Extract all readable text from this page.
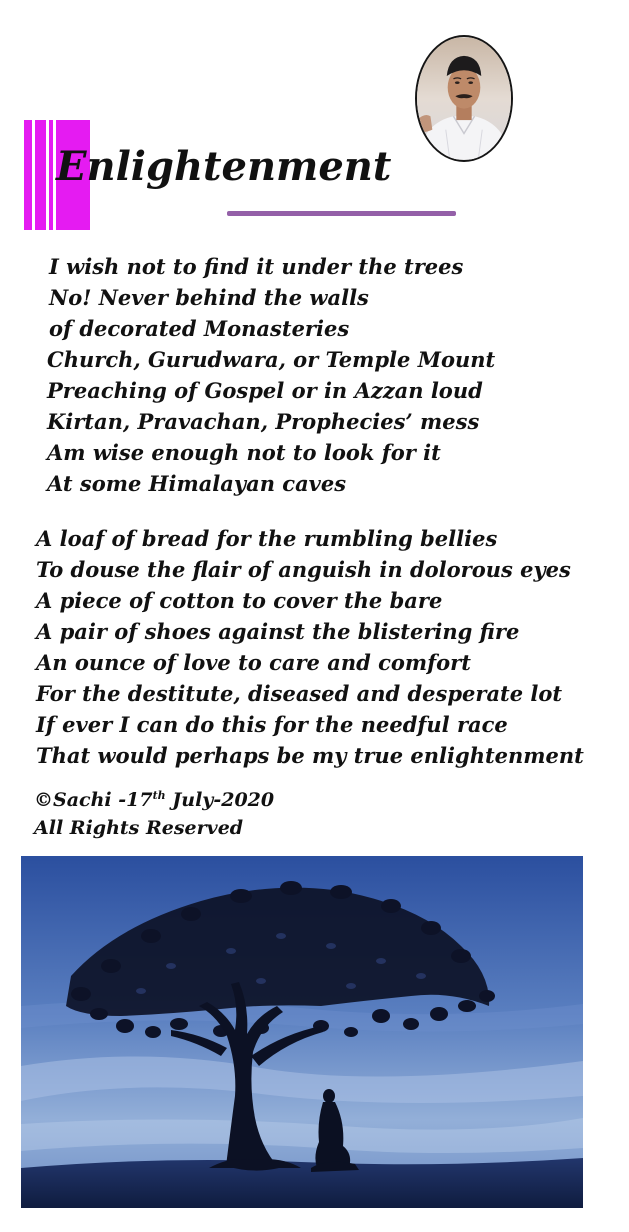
Enlightenment
I wish not to find it under the trees
No! Never behind the walls
of decorated Monasteries
Church, Gurudwara, or Temple Mount
Preaching of Gospel or in Azzan loud
Kirtan, Pravachan, Prophecies’ mess
Am wise enough not to look for it
At some Himalayan caves
A loaf of bread for the rumbling bellies
To douse the flair of anguish in dolorous eyes
A piece of cotton to cover the bare
A pair of shoes against the blistering fire
An ounce of love to care and comfort
For the destitute, diseased and desperate lot
If ever I can do this for the needful race
That would perhaps be my true enlightenment
©Sachi -17th July-2020
All Rights Reserved
